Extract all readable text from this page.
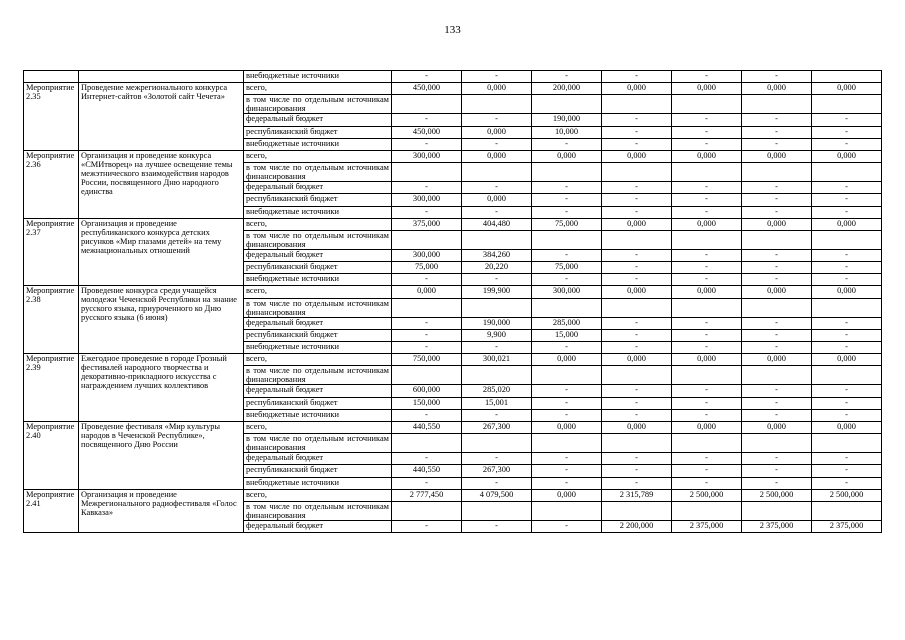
133
		внебюджетные источники	-	-	-	-	-	-	
Мероприятие 2.35	Проведение межрегионального конкурса Интернет-сайтов «Золотой сайт Чечета»	всего,	450,000	0,000	200,000	0,000	0,000	0,000	0,000
		в том числе по отдельным источникам финансирования							
		федеральный бюджет	-	-	190,000	-	-	-	-
		республиканский бюджет	450,000	0,000	10,000	-	-	-	-
		внебюджетные источники	-	-	-	-	-	-	-
Мероприятие 2.36	Организация и проведение конкурса «СМИтворец» на лучшее освещение темы межэтнического взаимодействия народов России, посвященного Дню народного единства	всего,	300,000	0,000	0,000	0,000	0,000	0,000	0,000
		в том числе по отдельным источникам финансирования							
		федеральный бюджет	-	-	-	-	-	-	-
		республиканский бюджет	300,000	0,000	-	-	-	-	-
		внебюджетные источники	-	-	-	-	-	-	-
Мероприятие 2.37	Организация и проведение республиканского конкурса детских рисунков «Мир глазами детей» на тему межнациональных отношений	всего,	375,000	404,480	75,000	0,000	0,000	0,000	0,000
		в том числе по отдельным источникам финансирования							
		федеральный бюджет	300,000	384,260	-	-	-	-	-
		республиканский бюджет	75,000	20,220	75,000	-	-	-	-
		внебюджетные источники	-	-	-	-	-	-	-
Мероприятие 2.38	Проведение конкурса среди учащейся молодежи Чеченской Республики на знание русского языка, приуроченного ко Дню русского языка (6 июня)	всего,	0,000	199,900	300,000	0,000	0,000	0,000	0,000
		в том числе по отдельным источникам финансирования							
		федеральный бюджет	-	190,000	285,000	-	-	-	-
		республиканский бюджет	-	9,900	15,000	-	-	-	-
		внебюджетные источники	-	-	-	-	-	-	-
Мероприятие 2.39	Ежегодное проведение в городе Грозный фестивалей народного творчества и декоративно-прикладного искусства с награждением лучших коллективов	всего,	750,000	300,021	0,000	0,000	0,000	0,000	0,000
		в том числе по отдельным источникам финансирования							
		федеральный бюджет	600,000	285,020	-	-	-	-	-
		республиканский бюджет	150,000	15,001	-	-	-	-	-
		внебюджетные источники	-	-	-	-	-	-	-
Мероприятие 2.40	Проведение фестиваля «Мир культуры народов в Чеченской Республике», посвященного Дню России	всего,	440,550	267,300	0,000	0,000	0,000	0,000	0,000
		в том числе по отдельным источникам финансирования							
		федеральный бюджет	-	-	-	-	-	-	-
		республиканский бюджет	440,550	267,300	-	-	-	-	-
		внебюджетные источники	-	-	-	-	-	-	-
Мероприятие 2.41	Организация и проведение Межрегионального радиофестиваля «Голос Кавказа»	всего,	2 777,450	4 079,500	0,000	2 315,789	2 500,000	2 500,000	2 500,000
		в том числе по отдельным источникам финансирования							
		федеральный бюджет	-	-	-	2 200,000	2 375,000	2 375,000	2 375,000
